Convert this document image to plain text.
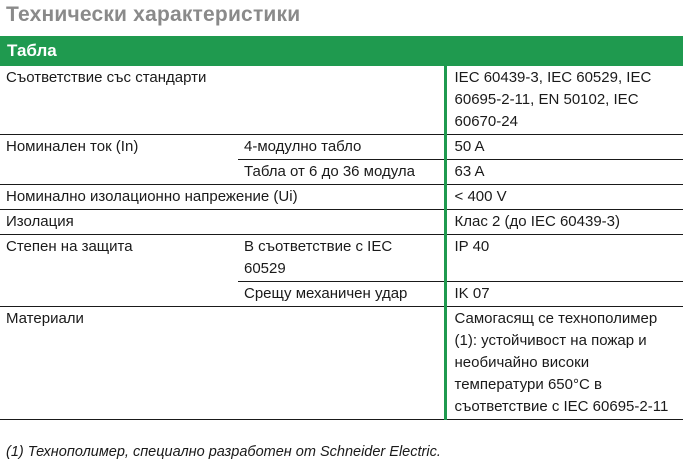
Технически характеристики
Табла
Съответствие със стандарти		IEC 60439-3, IEC 60529, IEC 60695-2-11, EN 50102, IEC 60670-24
Номинален ток (In)	4-модулно табло	50 A
	Табла от 6 до 36 модула	63 A
Номинално изолационно напрежение (Ui)		< 400 V
Изолация		Клас 2 (до IEC 60439-3)
Степен на защита	В съответствие с IEC 60529	IP 40
	Срещу механичен удар	IK 07
Материали		Самогасящ се технополимер (1): устойчивост на пожар и необичайно високи температури 650°C в съответствие с IEC 60695-2-11
(1) Технополимер, специално разработен от Schneider Electric.
